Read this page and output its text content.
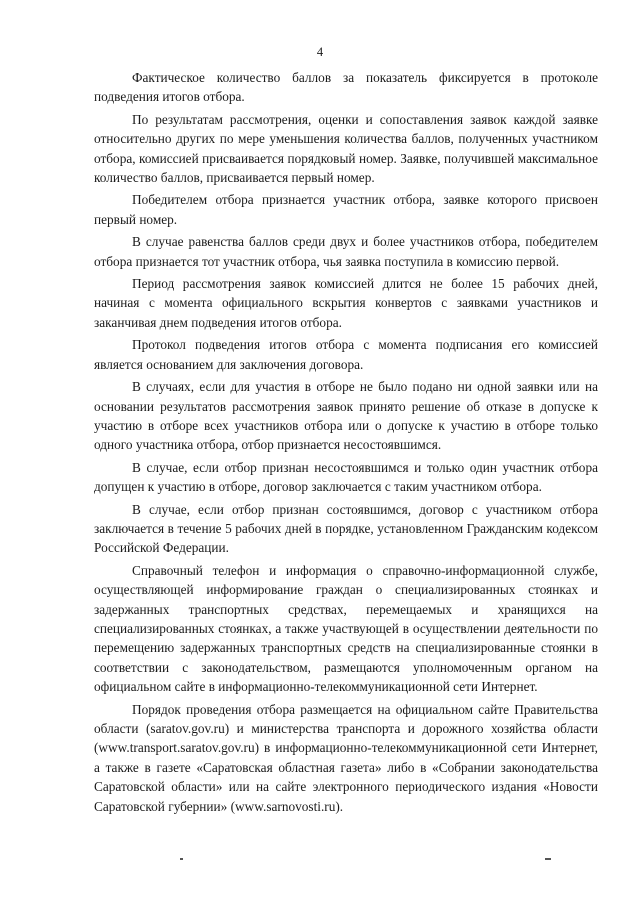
4

Фактическое количество баллов за показатель фиксируется в протоколе подведения итогов отбора.

По результатам рассмотрения, оценки и сопоставления заявок каждой заявке относительно других по мере уменьшения количества баллов, полученных участником отбора, комиссией присваивается порядковый номер. Заявке, получившей максимальное количество баллов, присваивается первый номер.

Победителем отбора признается участник отбора, заявке которого присвоен первый номер.

В случае равенства баллов среди двух и более участников отбора, победителем отбора признается тот участник отбора, чья заявка поступила в комиссию первой.

Период рассмотрения заявок комиссией длится не более 15 рабочих дней, начиная с момента официального вскрытия конвертов с заявками участников и заканчивая днем подведения итогов отбора.

Протокол подведения итогов отбора с момента подписания его комиссией является основанием для заключения договора.

В случаях, если для участия в отборе не было подано ни одной заявки или на основании результатов рассмотрения заявок принято решение об отказе в допуске к участию в отборе всех участников отбора или о допуске к участию в отборе только одного участника отбора, отбор признается несостоявшимся.

В случае, если отбор признан несостоявшимся и только один участник отбора допущен к участию в отборе, договор заключается с таким участником отбора.

В случае, если отбор признан состоявшимся, договор с участником отбора заключается в течение 5 рабочих дней в порядке, установленном Гражданским кодексом Российской Федерации.

Справочный телефон и информация о справочно-информационной службе, осуществляющей информирование граждан о специализированных стоянках и задержанных транспортных средствах, перемещаемых и хранящихся на специализированных стоянках, а также участвующей в осуществлении деятельности по перемещению задержанных транспортных средств на специализированные стоянки в соответствии с законодательством, размещаются уполномоченным органом на официальном сайте в информационно-телекоммуникационной сети Интернет.

Порядок проведения отбора размещается на официальном сайте Правительства области (saratov.gov.ru) и министерства транспорта и дорожного хозяйства области (www.transport.saratov.gov.ru) в информационно-телекоммуникационной сети Интернет, а также в газете «Саратовская областная газета» либо в «Собрании законодательства Саратовской области» или на сайте электронного периодического издания «Новости Саратовской губернии» (www.sarnovosti.ru).
